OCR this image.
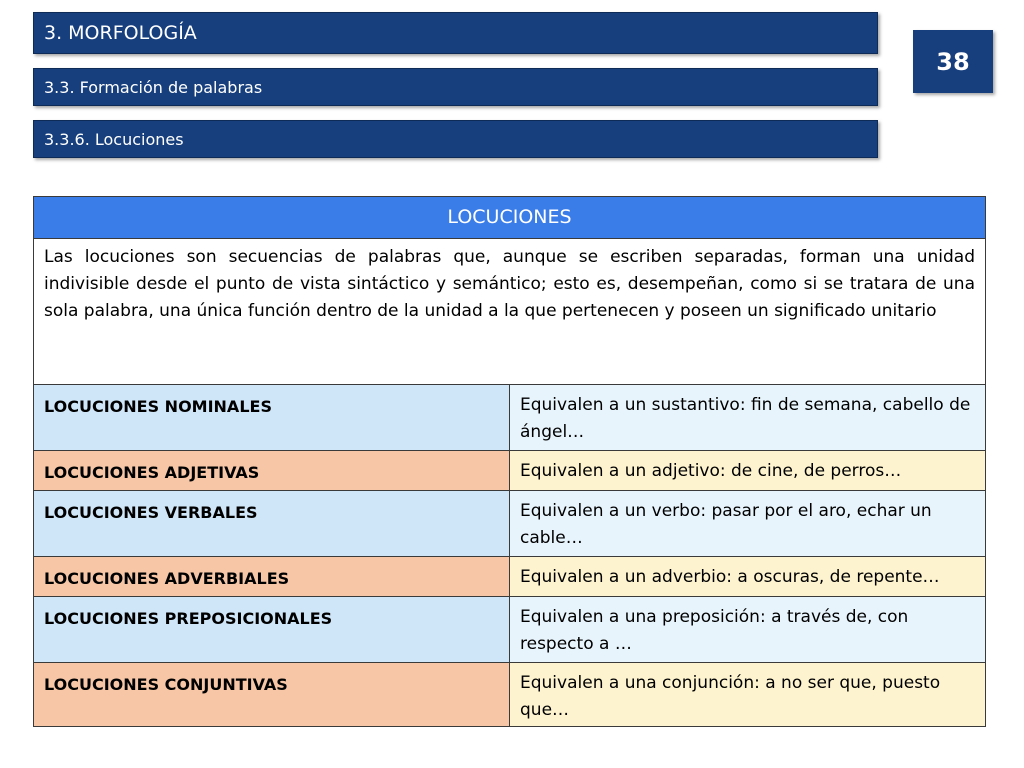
3. MORFOLOGÍA
3.3. Formación de palabras
3.3.6. Locuciones
38
LOCUCIONES	
Las locuciones son secuencias de palabras que, aunque se escriben separadas, forman una unidad indivisible desde el punto de vista sintáctico y semántico; esto es, desempeñan, como si se tratara de una sola palabra, una única función dentro de la unidad a la que pertenecen y poseen un significado unitario	
LOCUCIONES NOMINALES	Equivalen a un sustantivo: fin de semana, cabello de ángel…
LOCUCIONES ADJETIVAS	Equivalen a un adjetivo: de cine, de perros…
LOCUCIONES VERBALES	Equivalen a un verbo: pasar por el aro, echar un cable…
LOCUCIONES ADVERBIALES	Equivalen a un adverbio: a oscuras, de repente…
LOCUCIONES PREPOSICIONALES	Equivalen a una preposición: a través de, con respecto a …
LOCUCIONES CONJUNTIVAS	Equivalen a una conjunción: a no ser que, puesto que…
